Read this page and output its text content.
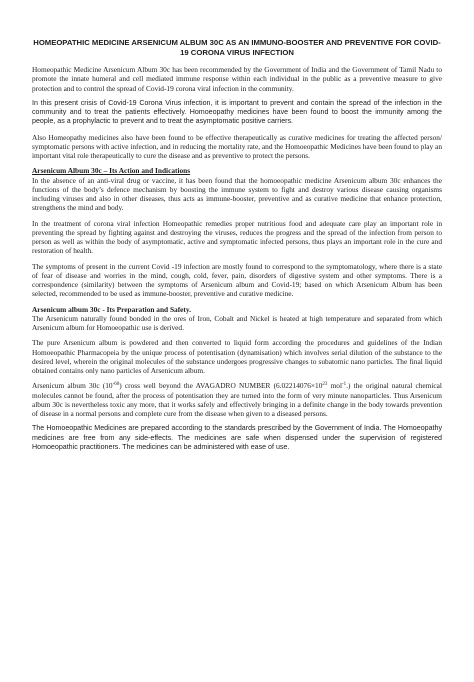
HOMEOPATHIC MEDICINE ARSENICUM ALBUM 30C AS AN IMMUNO-BOOSTER AND PREVENTIVE FOR COVID-19 CORONA VIRUS INFECTION

Homeopathic Medicine Arsenicum Album 30c has been recommended by the Government of India and the Government of Tamil Nadu to promote the innate humeral and cell mediated immune response within each individual in the public as a preventive measure to give protection and to control the spread of Covid-19 corona viral infection in the community.

In this present crisis of Covid-19 Corona Virus infection, it is important to prevent and contain the spread of the infection in the community and to treat the patients effectively. Homoeopathy medicines have been found to boost the immunity among the people, as a prophylactic to prevent and to treat the asymptomatic positive carriers.

Also Homeopathy medicines also have been found to be effective therapeutically as curative medicines for treating the affected person/ symptomatic persons with active infection, and in reducing the mortality rate, and the Homoeopathic Medicines have been found to play an important vital role therapeutically to cure the disease and as preventive to protect the persons.

Arsenicum Album 30c – Its Action and Indications

In the absence of an anti-viral drug or vaccine, it has been found that the homoeopathic medicine Arsenicum album 30c enhances the functions of the body’s defence mechanism by boosting the immune system to fight and destroy various disease causing organisms including viruses and also in other diseases, thus acts as immune-booster, preventive and as curative medicine that enhance protection, strengthens the mind and body.

In the treatment of corona viral infection Homeopathic remedies proper nutritious food and adequate care play an important role in preventing the spread by fighting against and destroying the viruses, reduces the progress and the spread of the infection from person to person as well as within the body of asymptomatic, active and symptomatic infected persons, thus plays an important role in the cure and restoration of health.

The symptoms of present in the current Covid -19 infection are mostly found to correspond to the symptomatology, where there is a state of fear of disease and worries in the mind, cough, cold, fever, pain, disorders of digestive system and other symptoms. There is a correspondence (similarity) between the symptoms of Arsenicum album and Covid-19; based on which Arsenicum Album has been selected, recommended to be used as immune-booster, preventive and curative medicine.

Arsenicum album 30c - Its Preparation and Safety.

The Arsenicum naturally found bonded in the ores of Iron, Cobalt and Nickel is heated at high temperature and separated from which Arsenicum album for Homoeopathic use is derived.

The pure Arsenicum album is powdered and then converted to liquid form according the procedures and guidelines of the Indian Homoeopathic Pharmacopeia by the unique process of potentisation (dynamisation) which involves serial dilution of the substance to the desired level, wherein the original molecules of the substance undergoes progressive changes to subatomic nano particles. The final liquid obtained contains only nano particles of Arsenicum album.

Arsenicum album 30c $(10^{-60})$ cross well beyond the AVAGADRO NUMBER ($6.02214076\times 10^{23}$ mol$^{-1}$.) the original natural chemical molecules cannot be found, after the process of potentisation they are turned into the form of very minute nanoparticles. Thus Arsenicum album 30c is nevertheless toxic any more, that it works safely and effectively bringing in a definite change in the body towards prevention of disease in a normal persons and complete cure from the disease when given to a diseased persons.

The Homoeopathic Medicines are prepared according to the standards prescribed by the Government of India. The Homoeopathy medicines are free from any side-effects. The medicines are safe when dispensed under the supervision of registered Homoeopathic practitioners. The medicines can be administered with ease of use.
